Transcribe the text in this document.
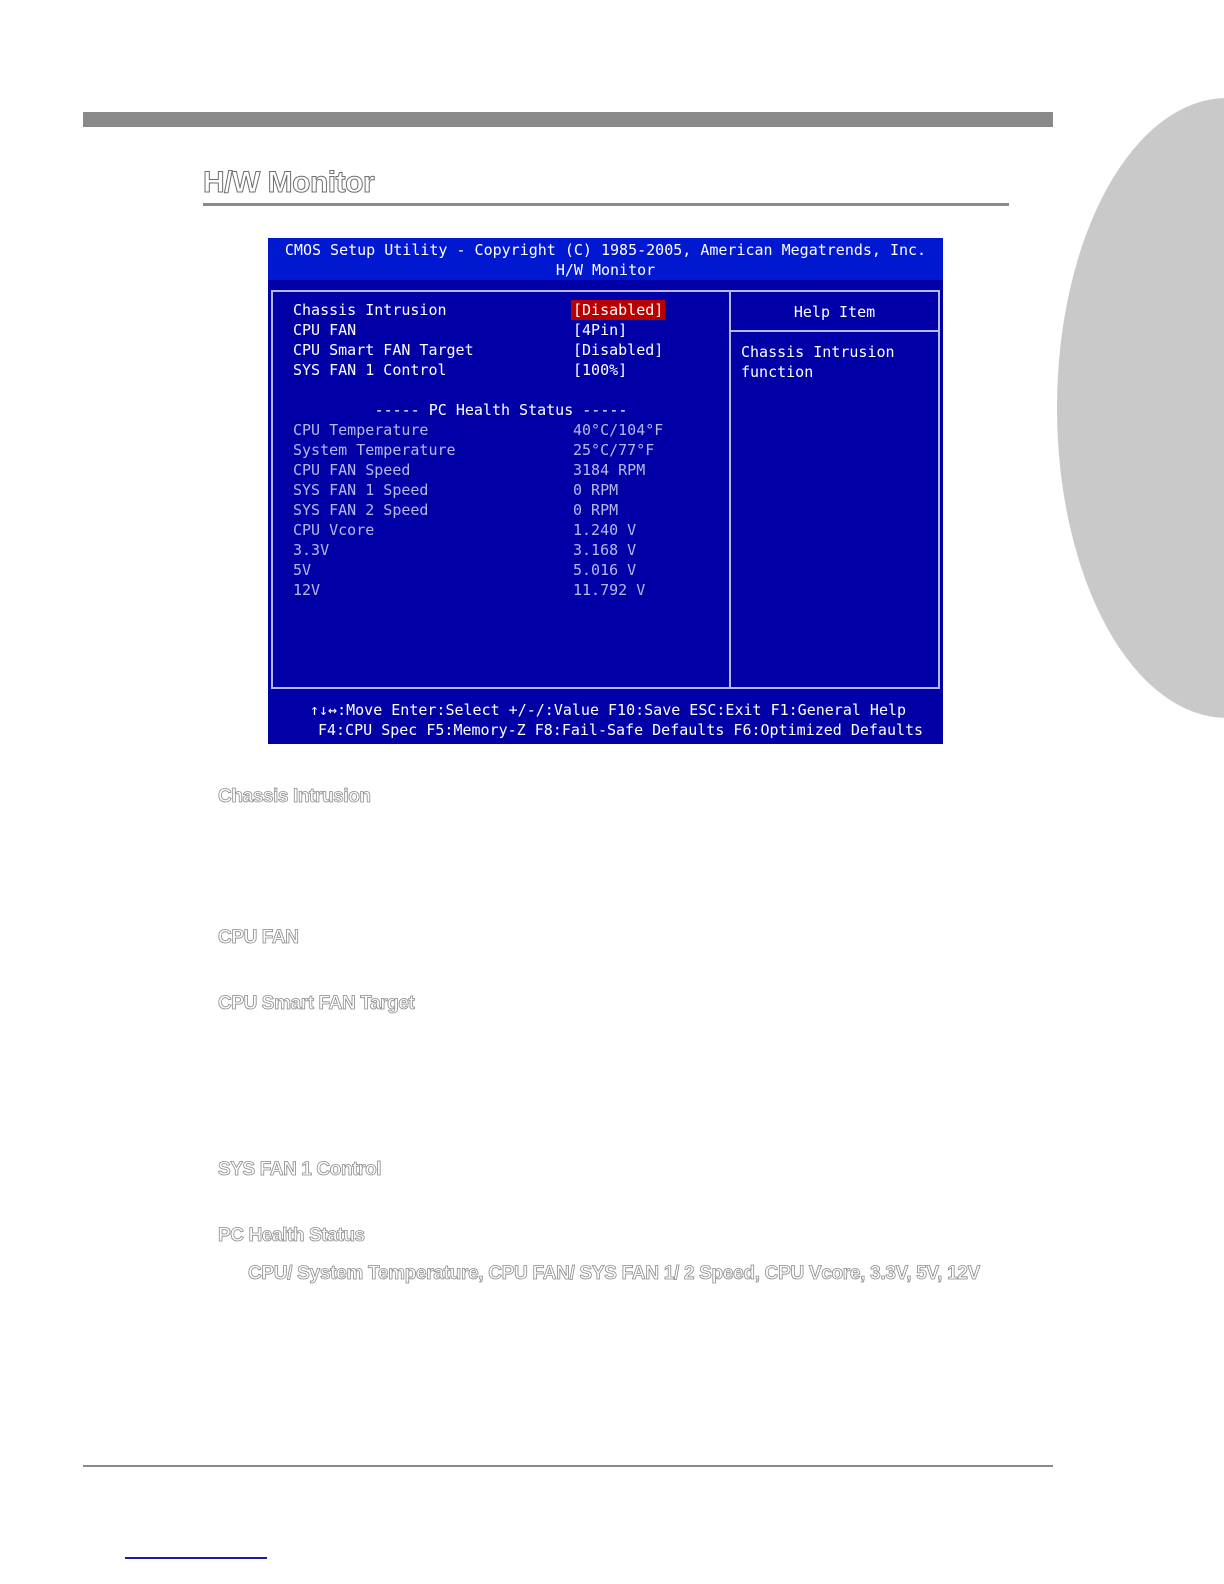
H/W Monitor
CMOS Setup Utility - Copyright (C) 1985-2005, American Megatrends, Inc.
H/W Monitor
Chassis Intrusion	[Disabled]
CPU FAN	[4Pin]
CPU Smart FAN Target	[Disabled]
SYS FAN 1 Control	[100%]
----- PC Health Status -----
CPU Temperature	40°C/104°F
System Temperature	25°C/77°F
CPU FAN Speed	3184 RPM
SYS FAN 1 Speed	0 RPM
SYS FAN 2 Speed	0 RPM
CPU Vcore	1.240 V
3.3V	3.168 V
5V	5.016 V
12V	11.792 V
Help Item
Chassis Intrusion
function
↑↓↔:Move Enter:Select +/-/:Value F10:Save ESC:Exit F1:General Help
F4:CPU Spec F5:Memory-Z F8:Fail-Safe Defaults F6:Optimized Defaults
Chassis Intrusion
CPU FAN
CPU Smart FAN Target
SYS FAN 1 Control
PC Health Status

CPU/ System Temperature, CPU FAN/ SYS FAN 1/ 2 Speed, CPU Vcore, 3.3V, 5V, 12V
